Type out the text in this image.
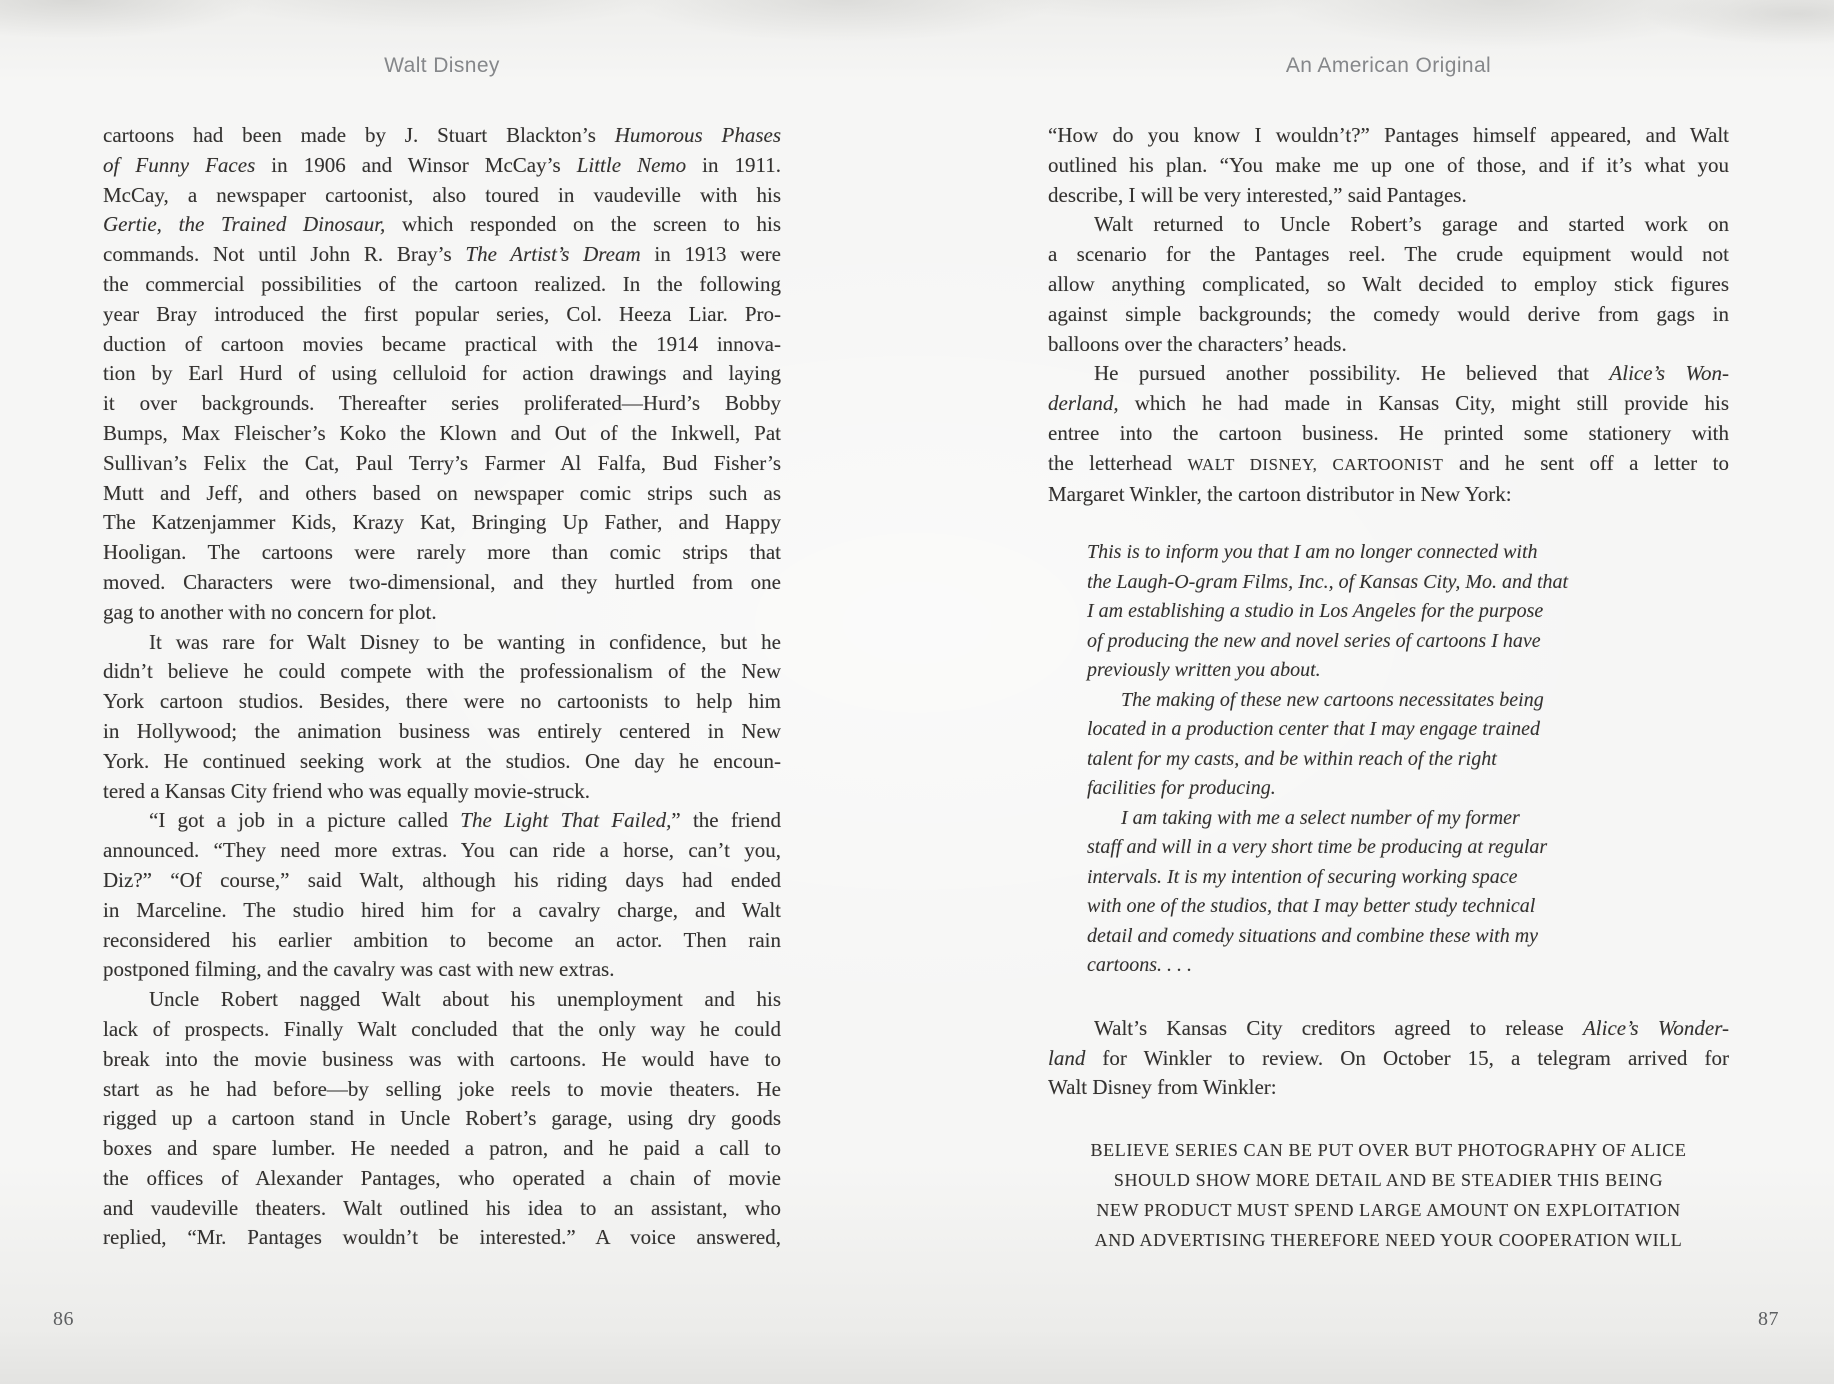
Walt Disney
cartoons had been made by J. Stuart Blackton’s Humorous Phases
of Funny Faces in 1906 and Winsor McCay’s Little Nemo in 1911.
McCay, a newspaper cartoonist, also toured in vaudeville with his
Gertie, the Trained Dinosaur, which responded on the screen to his
commands. Not until John R. Bray’s The Artist’s Dream in 1913 were
the commercial possibilities of the cartoon realized. In the following
year Bray introduced the first popular series, Col. Heeza Liar. Pro-
duction of cartoon movies became practical with the 1914 innova-
tion by Earl Hurd of using celluloid for action drawings and laying
it over backgrounds. Thereafter series proliferated—Hurd’s Bobby
Bumps, Max Fleischer’s Koko the Klown and Out of the Inkwell, Pat
Sullivan’s Felix the Cat, Paul Terry’s Farmer Al Falfa, Bud Fisher’s
Mutt and Jeff, and others based on newspaper comic strips such as
The Katzenjammer Kids, Krazy Kat, Bringing Up Father, and Happy
Hooligan. The cartoons were rarely more than comic strips that
moved. Characters were two-dimensional, and they hurtled from one
gag to another with no concern for plot.
It was rare for Walt Disney to be wanting in confidence, but he
didn’t believe he could compete with the professionalism of the New
York cartoon studios. Besides, there were no cartoonists to help him
in Hollywood; the animation business was entirely centered in New
York. He continued seeking work at the studios. One day he encoun-
tered a Kansas City friend who was equally movie-struck.
“I got a job in a picture called The Light That Failed,” the friend
announced. “They need more extras. You can ride a horse, can’t you,
Diz?” “Of course,” said Walt, although his riding days had ended
in Marceline. The studio hired him for a cavalry charge, and Walt
reconsidered his earlier ambition to become an actor. Then rain
postponed filming, and the cavalry was cast with new extras.
Uncle Robert nagged Walt about his unemployment and his
lack of prospects. Finally Walt concluded that the only way he could
break into the movie business was with cartoons. He would have to
start as he had before—by selling joke reels to movie theaters. He
rigged up a cartoon stand in Uncle Robert’s garage, using dry goods
boxes and spare lumber. He needed a patron, and he paid a call to
the offices of Alexander Pantages, who operated a chain of movie
and vaudeville theaters. Walt outlined his idea to an assistant, who
replied, “Mr. Pantages wouldn’t be interested.” A voice answered,
86
An American Original
“How do you know I wouldn’t?” Pantages himself appeared, and Walt
outlined his plan. “You make me up one of those, and if it’s what you
describe, I will be very interested,” said Pantages.
Walt returned to Uncle Robert’s garage and started work on
a scenario for the Pantages reel. The crude equipment would not
allow anything complicated, so Walt decided to employ stick figures
against simple backgrounds; the comedy would derive from gags in
balloons over the characters’ heads.
He pursued another possibility. He believed that Alice’s Won-
derland, which he had made in Kansas City, might still provide his
entree into the cartoon business. He printed some stationery with
the letterhead WALT DISNEY, CARTOONIST and he sent off a letter to
Margaret Winkler, the cartoon distributor in New York:
This is to inform you that I am no longer connected with
the Laugh-O-gram Films, Inc., of Kansas City, Mo. and that
I am establishing a studio in Los Angeles for the purpose
of producing the new and novel series of cartoons I have
previously written you about.
The making of these new cartoons necessitates being
located in a production center that I may engage trained
talent for my casts, and be within reach of the right
facilities for producing.
I am taking with me a select number of my former
staff and will in a very short time be producing at regular
intervals. It is my intention of securing working space
with one of the studios, that I may better study technical
detail and comedy situations and combine these with my
cartoons. . . .
Walt’s Kansas City creditors agreed to release Alice’s Wonder-
land for Winkler to review. On October 15, a telegram arrived for
Walt Disney from Winkler:
BELIEVE SERIES CAN BE PUT OVER BUT PHOTOGRAPHY OF ALICE
SHOULD SHOW MORE DETAIL AND BE STEADIER THIS BEING
NEW PRODUCT MUST SPEND LARGE AMOUNT ON EXPLOITATION
AND ADVERTISING THEREFORE NEED YOUR COOPERATION WILL
87
